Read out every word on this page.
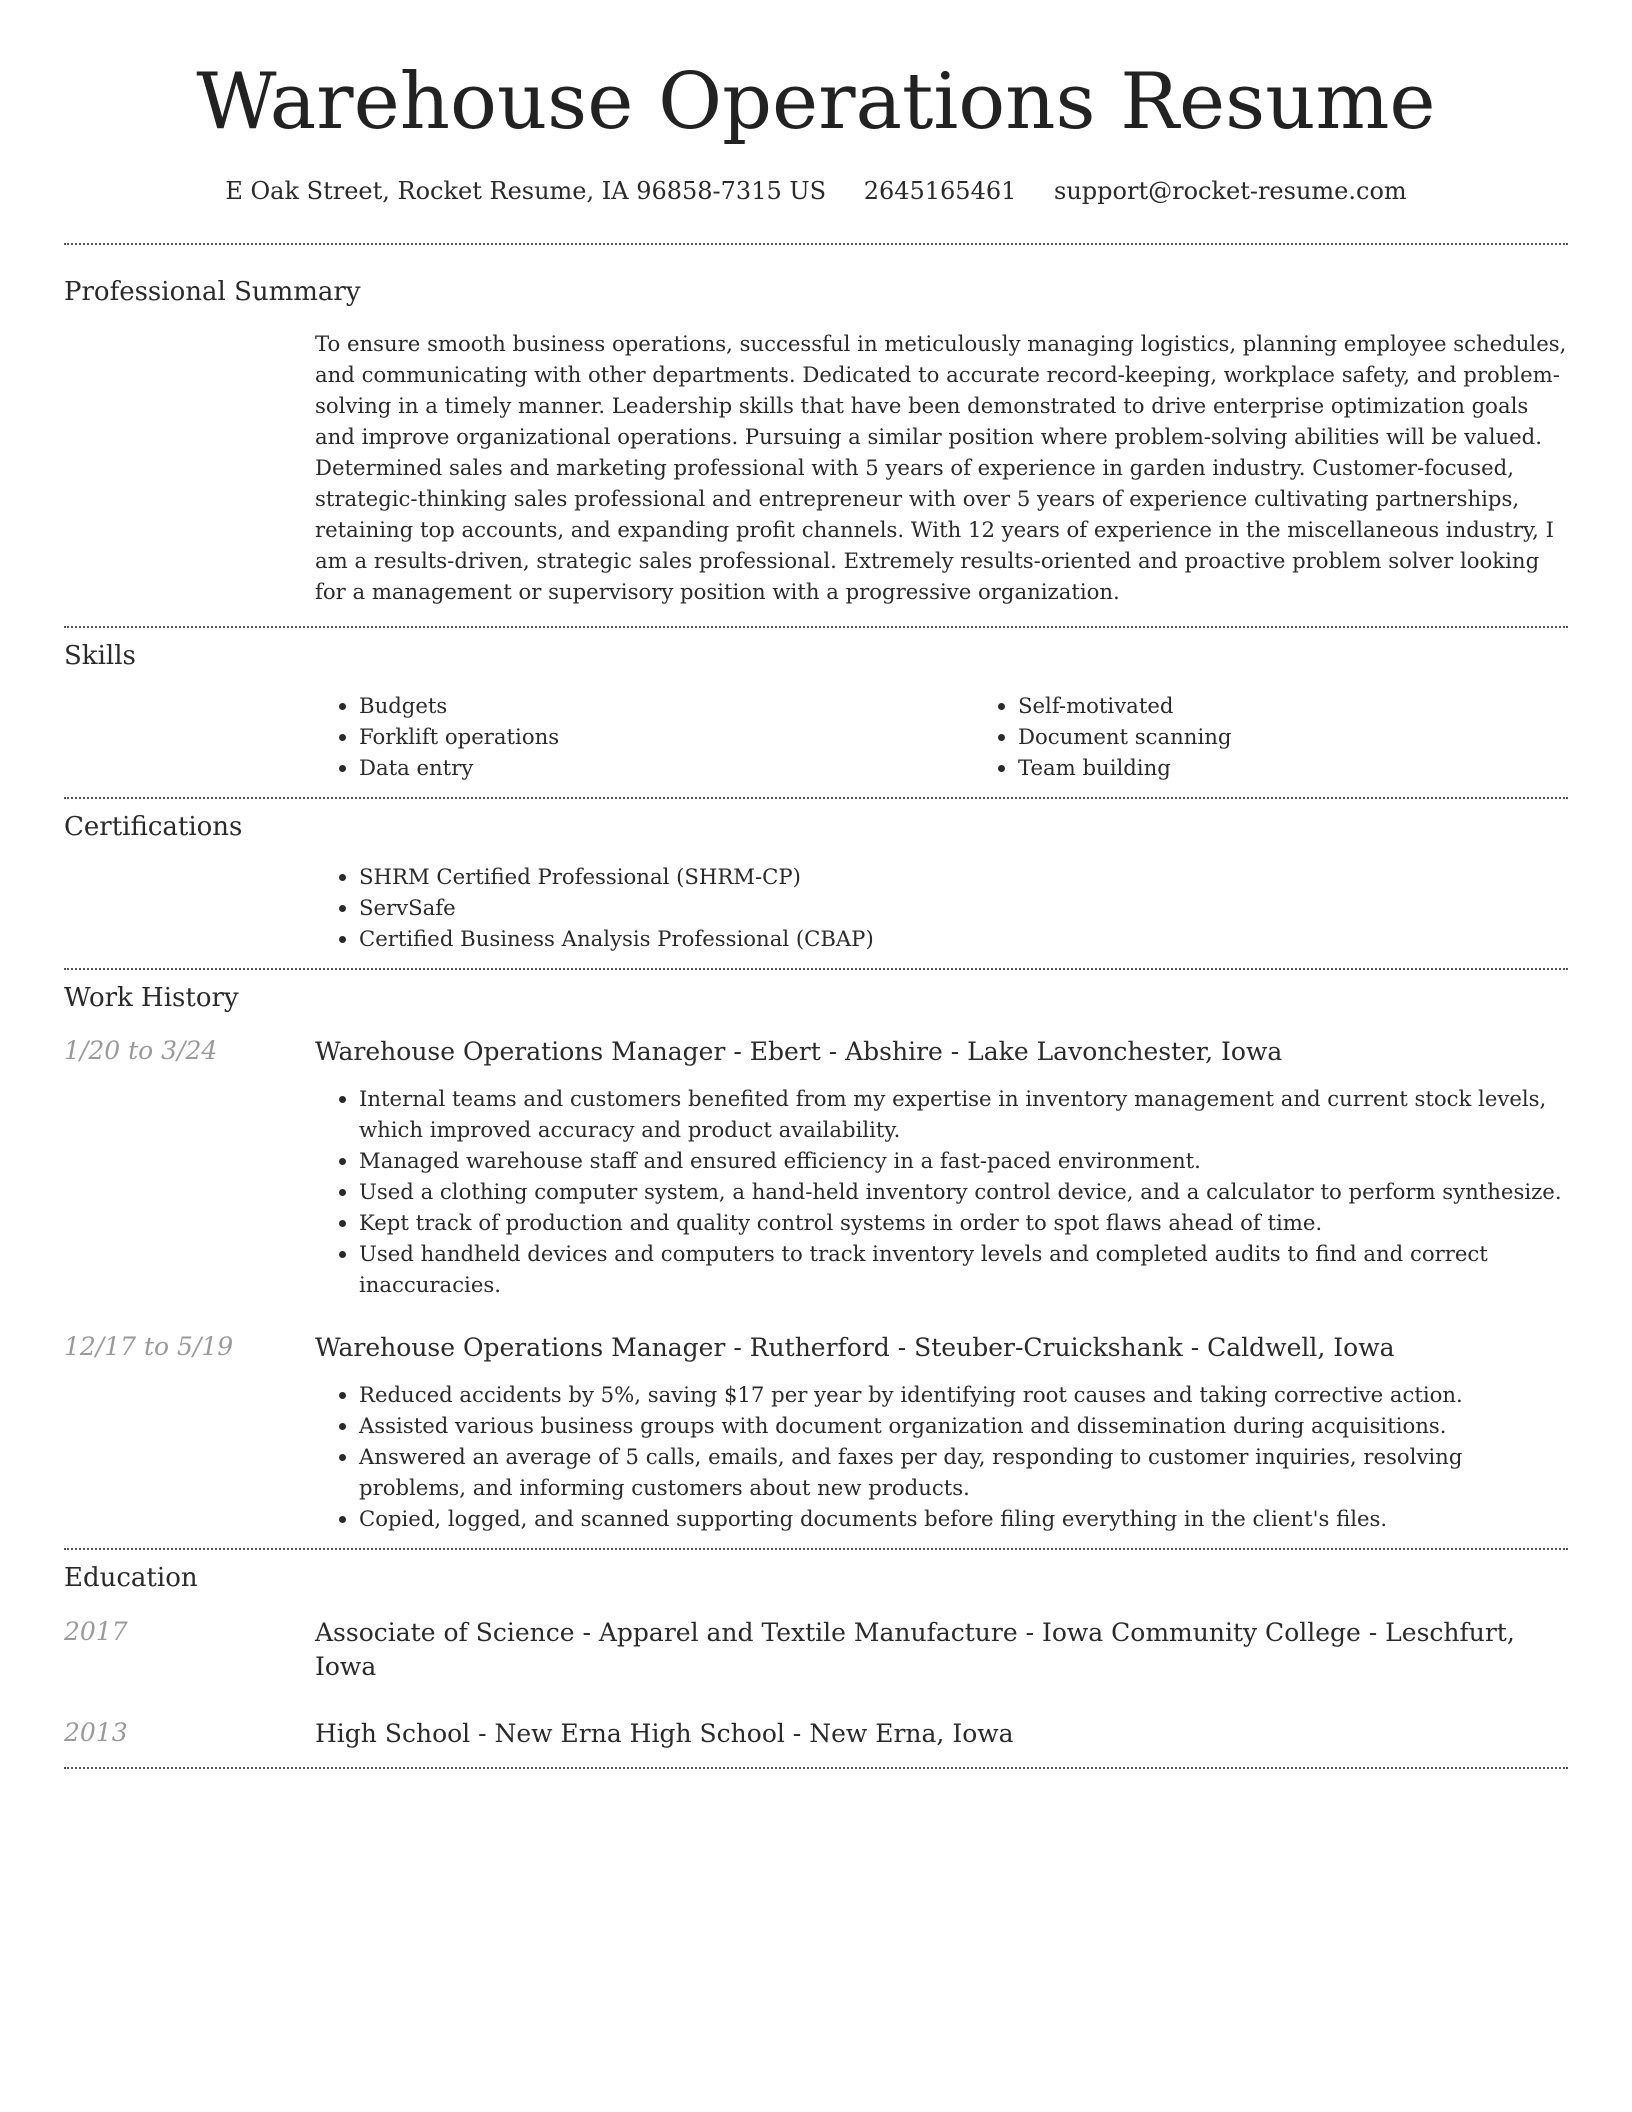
Warehouse Operations Resume
E Oak Street, Rocket Resume, IA 96858-7315 US 2645165461 support@rocket-resume.com
Professional Summary

To ensure smooth business operations, successful in meticulously managing logistics, planning employee schedules, and communicating with other departments. Dedicated to accurate record-keeping, workplace safety, and problem-solving in a timely manner. Leadership skills that have been demonstrated to drive enterprise optimization goals and improve organizational operations. Pursuing a similar position where problem-solving abilities will be valued. Determined sales and marketing professional with 5 years of experience in garden industry. Customer-focused, strategic-thinking sales professional and entrepreneur with over 5 years of experience cultivating partnerships, retaining top accounts, and expanding profit channels. With 12 years of experience in the miscellaneous industry, I am a results-driven, strategic sales professional. Extremely results-oriented and proactive problem solver looking for a management or supervisory position with a progressive organization.

Skills
• Budgets
• Forklift operations
• Data entry
• Self-motivated
• Document scanning
• Team building
Certifications
• SHRM Certified Professional (SHRM-CP)
• ServSafe
• Certified Business Analysis Professional (CBAP)
Work History
1/20 to 3/24	Warehouse Operations Manager - Ebert - Abshire - Lake Lavonchester, Iowa
• Internal teams and customers benefited from my expertise in inventory management and current stock levels, which improved accuracy and product availability.
• Managed warehouse staff and ensured efficiency in a fast-paced environment.
• Used a clothing computer system, a hand-held inventory control device, and a calculator to perform synthesize.
• Kept track of production and quality control systems in order to spot flaws ahead of time.
• Used handheld devices and computers to track inventory levels and completed audits to find and correct inaccuracies.
12/17 to 5/19	Warehouse Operations Manager - Rutherford - Steuber-Cruickshank - Caldwell, Iowa
• Reduced accidents by 5%, saving $17 per year by identifying root causes and taking corrective action.
• Assisted various business groups with document organization and dissemination during acquisitions.
• Answered an average of 5 calls, emails, and faxes per day, responding to customer inquiries, resolving problems, and informing customers about new products.
• Copied, logged, and scanned supporting documents before filing everything in the client's files.
Education
2017	Associate of Science - Apparel and Textile Manufacture - Iowa Community College - Leschfurt, Iowa
2013	High School - New Erna High School - New Erna, Iowa
